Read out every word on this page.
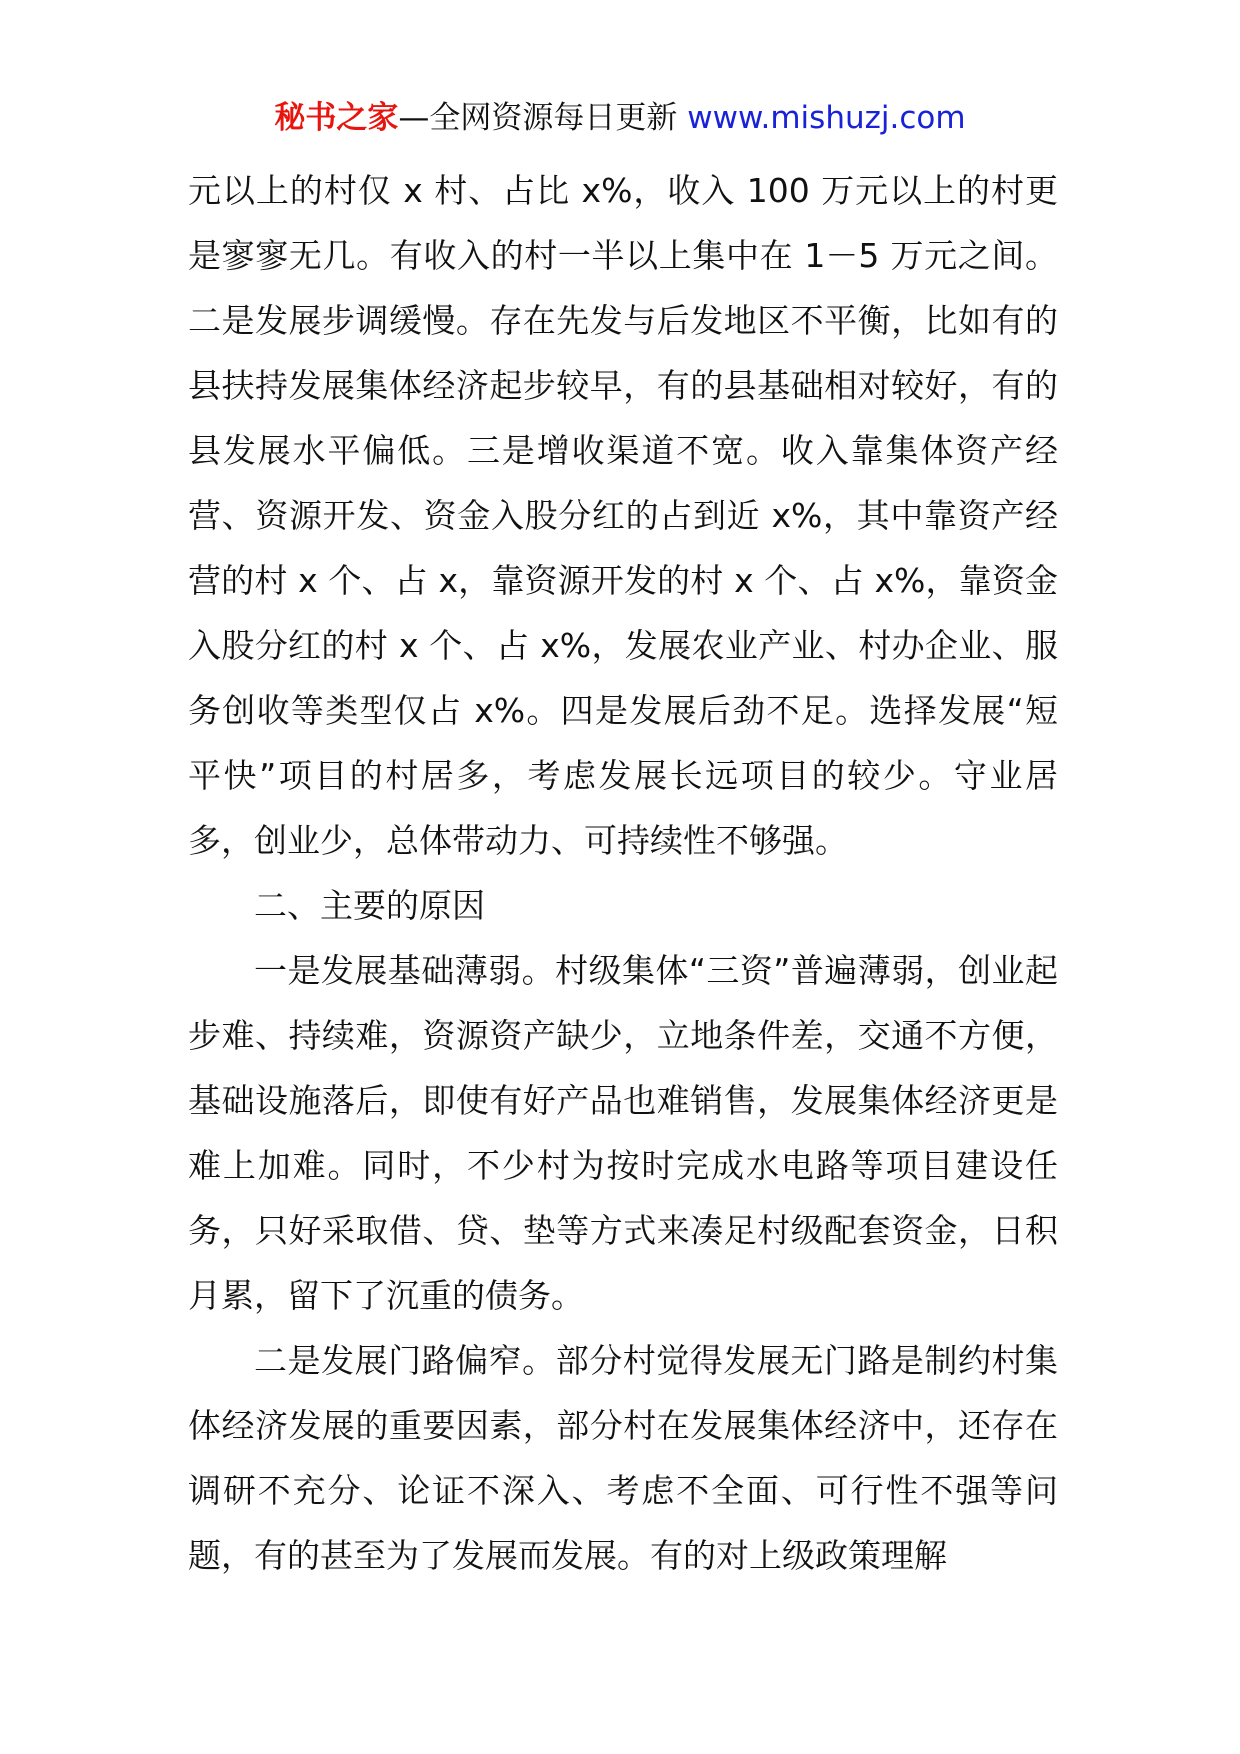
秘书之家—全网资源每日更新 www.mishuzj.com

元以上的村仅 x 村、占比 x%，收入 100 万元以上的村更是寥寥无几。有收入的村一半以上集中在 1－5 万元之间。二是发展步调缓慢。存在先发与后发地区不平衡，比如有的县扶持发展集体经济起步较早，有的县基础相对较好，有的县发展水平偏低。三是增收渠道不宽。收入靠集体资产经营、资源开发、资金入股分红的占到近 x%，其中靠资产经营的村 x 个、占 x，靠资源开发的村 x 个、占 x%，靠资金入股分红的村 x 个、占 x%，发展农业产业、村办企业、服务创收等类型仅占 x%。四是发展后劲不足。选择发展“短平快”项目的村居多，考虑发展长远项目的较少。守业居多，创业少，总体带动力、可持续性不够强。

二、主要的原因

一是发展基础薄弱。村级集体“三资”普遍薄弱，创业起步难、持续难，资源资产缺少，立地条件差，交通不方便，基础设施落后，即使有好产品也难销售，发展集体经济更是难上加难。同时，不少村为按时完成水电路等项目建设任务，只好采取借、贷、垫等方式来凑足村级配套资金，日积月累，留下了沉重的债务。

二是发展门路偏窄。部分村觉得发展无门路是制约村集体经济发展的重要因素，部分村在发展集体经济中，还存在调研不充分、论证不深入、考虑不全面、可行性不强等问题，有的甚至为了发展而发展。有的对上级政策理解
